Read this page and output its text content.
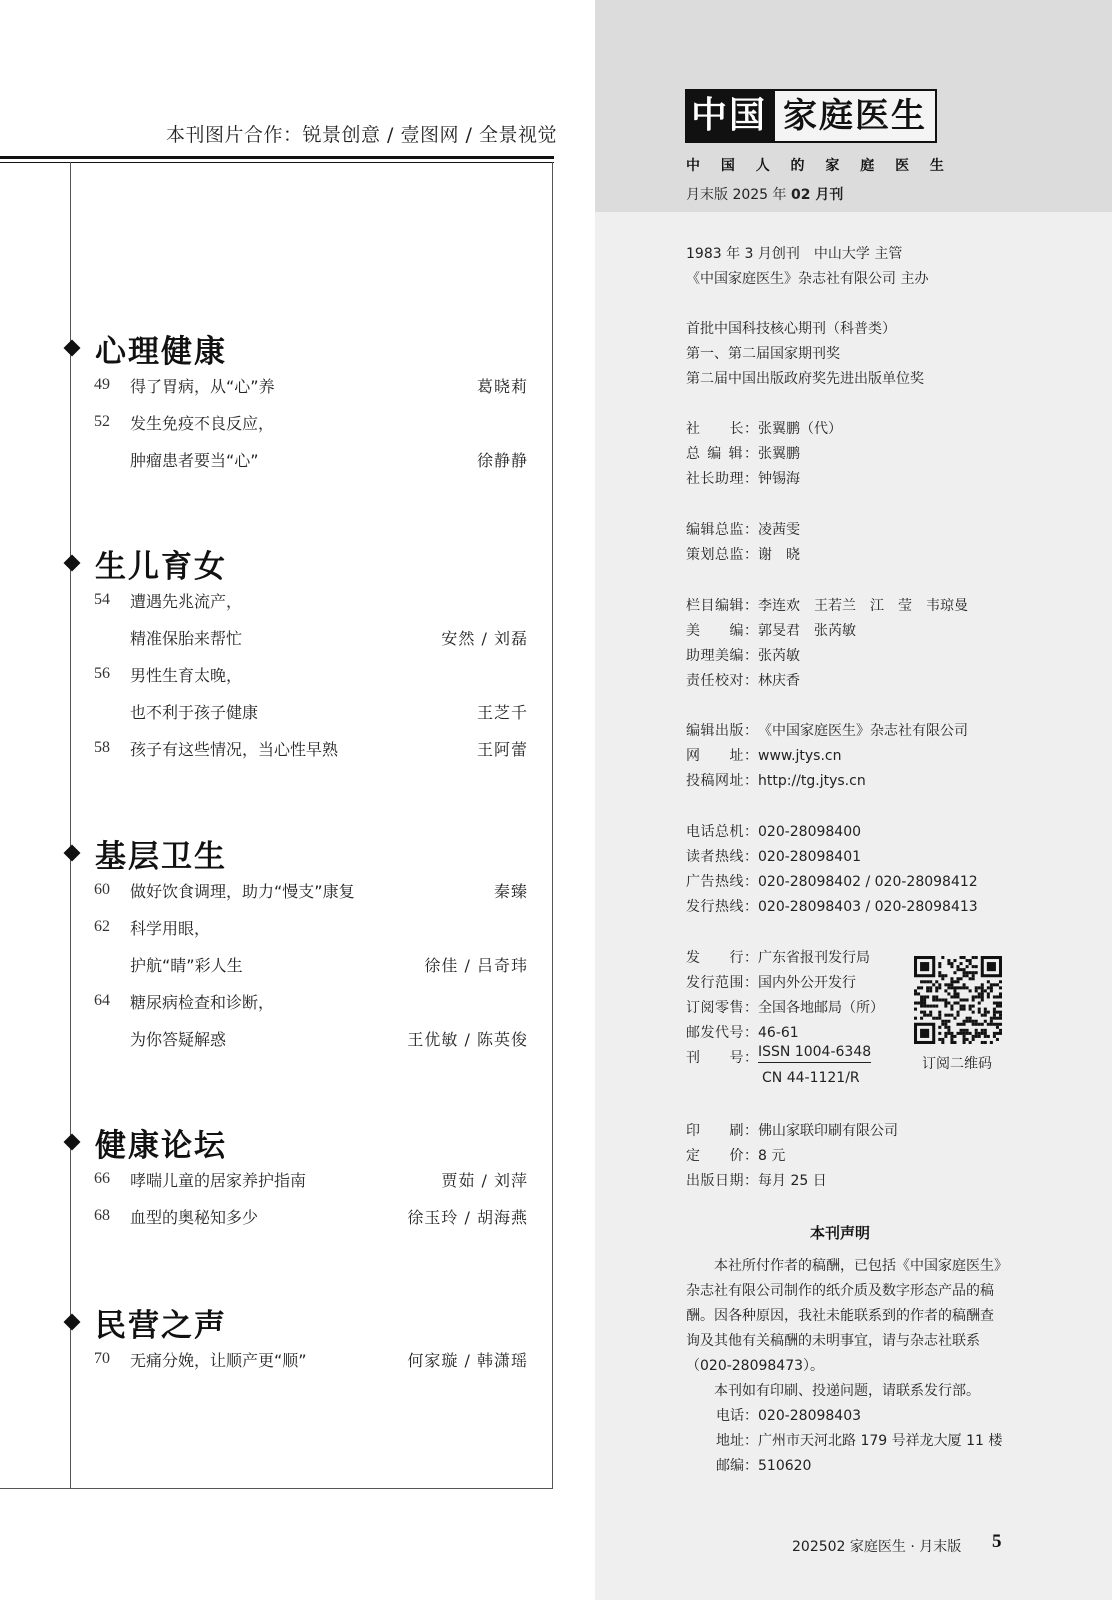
本刊图片合作：锐景创意 / 壹图网 / 全景视觉
心理健康
49 得了胃病，从“心”养	葛晓莉
52 发生免疫不良反应，
肿瘤患者要当“心”	徐静静
生儿育女
54 遭遇先兆流产，
精准保胎来帮忙	安然 / 刘磊
56 男性生育太晚，
也不利于孩子健康	王芝千
58 孩子有这些情况，当心性早熟	王阿蕾
基层卫生
60 做好饮食调理，助力“慢支”康复	秦臻
62 科学用眼，
护航“睛”彩人生	徐佳 / 吕奇玮
64 糖尿病检查和诊断，
为你答疑解惑	王优敏 / 陈英俊
健康论坛
66 哮喘儿童的居家养护指南	贾茹 / 刘萍
68 血型的奥秘知多少	徐玉玲 / 胡海燕
民营之声
70 无痛分娩，让顺产更“顺”	何家璇 / 韩潇瑶
中国 家庭医生
中 国 人 的 家 庭 医 生
月末版 2025 年 02 月刊
1983 年 3 月创刊　中山大学 主管
《中国家庭医生》杂志社有限公司 主办
首批中国科技核心期刊（科普类）
第一、第二届国家期刊奖
第二届中国出版政府奖先进出版单位奖
社　　长： 张翼鹏（代）
总 编 辑： 张翼鹏
社长助理： 钟锡海
编辑总监： 凌茜雯
策划总监： 谢　晓
栏目编辑： 李连欢　王若兰　江　莹　韦琼曼
美　　编： 郭旻君　张芮敏
助理美编： 张芮敏
责任校对： 林庆香
编辑出版： 《中国家庭医生》杂志社有限公司
网　　址： www.jtys.cn
投稿网址： http://tg.jtys.cn
电话总机： 020-28098400
读者热线： 020-28098401
广告热线： 020-28098402 / 020-28098412
发行热线： 020-28098403 / 020-28098413
发　　行： 广东省报刊发行局
发行范围： 国内外公开发行
订阅零售： 全国各地邮局（所）
邮发代号： 46-61
刊　　号： ISSN 1004-6348
CN 44-1121/R
订阅二维码
印　　刷： 佛山家联印刷有限公司
定　　价： 8 元
出版日期： 每月 25 日
本刊声明

本社所付作者的稿酬，已包括《中国家庭医生》杂志社有限公司制作的纸介质及数字形态产品的稿酬。因各种原因，我社未能联系到的作者的稿酬查询及其他有关稿酬的未明事宜，请与杂志社联系（020-28098473）。

本刊如有印刷、投递问题，请联系发行部。

电话：020-28098403
地址：广州市天河北路 179 号祥龙大厦 11 楼
邮编：510620
202502 家庭医生 · 月末版 5
